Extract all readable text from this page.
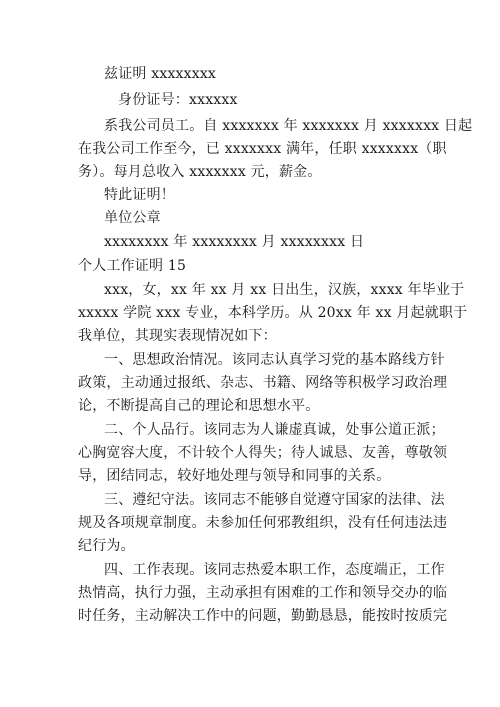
兹证明 xxxxxxxx
身份证号：xxxxxx
系我公司员工。自 xxxxxxx 年 xxxxxxx 月 xxxxxxx 日起
在我公司工作至今，已 xxxxxxx 满年，任职 xxxxxxx（职
务）。每月总收入 xxxxxxx 元，薪金。
特此证明！
单位公章
xxxxxxxx 年 xxxxxxxx 月 xxxxxxxx 日
个人工作证明 15
xxx，女，xx 年 xx 月 xx 日出生，汉族，xxxx 年毕业于
xxxxx 学院 xxx 专业，本科学历。从 20xx 年 xx 月起就职于
我单位，其现实表现情况如下：
一、思想政治情况。该同志认真学习党的基本路线方针
政策，主动通过报纸、杂志、书籍、网络等积极学习政治理
论，不断提高自己的理论和思想水平。
二、个人品行。该同志为人谦虚真诚，处事公道正派；
心胸宽容大度，不计较个人得失；待人诚恳、友善，尊敬领
导，团结同志，较好地处理与领导和同事的关系。
三、遵纪守法。该同志不能够自觉遵守国家的法律、法
规及各项规章制度。未参加任何邪教组织，没有任何违法违
纪行为。
四、工作表现。该同志热爱本职工作，态度端正，工作
热情高，执行力强，主动承担有困难的工作和领导交办的临
时任务，主动解决工作中的问题，勤勤恳恳，能按时按质完
